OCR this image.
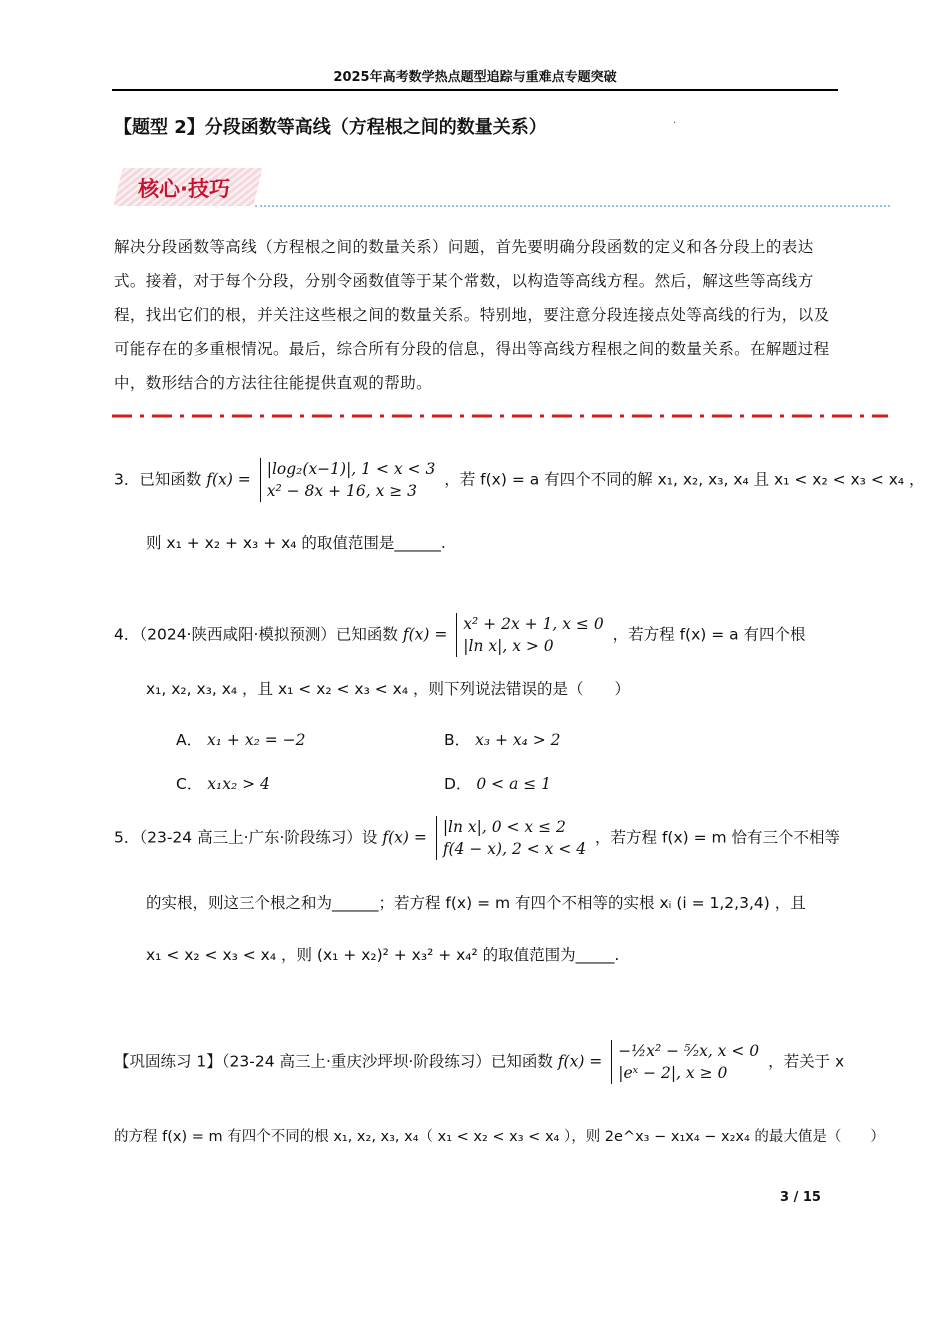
2025年高考数学热点题型追踪与重难点专题突破
【题型 2】分段函数等高线（方程根之间的数量关系）	·
核心·技巧
解决分段函数等高线（方程根之间的数量关系）问题，首先要明确分段函数的定义和各分段上的表达式。接着，对于每个分段，分别令函数值等于某个常数，以构造等高线方程。然后，解这些等高线方程，找出它们的根，并关注这些根之间的数量关系。特别地，要注意分段连接点处等高线的行为，以及可能存在的多重根情况。最后，综合所有分段的信息，得出等高线方程根之间的数量关系。在解题过程中，数形结合的方法往往能提供直观的帮助。
3．已知函数 f(x) = |log₂(x−1)|, 1 < x < 3
x² − 8x + 16, x ≥ 3 ，若 f(x) = a 有四个不同的解 x₁, x₂, x₃, x₄ 且 x₁ < x₂ < x₃ < x₄ ，
则 x₁ + x₂ + x₃ + x₄ 的取值范围是______.
4．（2024·陕西咸阳·模拟预测）已知函数 f(x) = x² + 2x + 1, x ≤ 0
|ln x|, x > 0 ，若方程 f(x) = a 有四个根
x₁, x₂, x₃, x₄ ，且 x₁ < x₂ < x₃ < x₄ ，则下列说法错误的是（　　）
A． x₁ + x₂ = −2	B． x₃ + x₄ > 2
C． x₁x₂ > 4	D． 0 < a ≤ 1
5．（23-24 高三上·广东·阶段练习）设 f(x) = |ln x|, 0 < x ≤ 2
f(4 − x), 2 < x < 4 ，若方程 f(x) = m 恰有三个不相等
的实根，则这三个根之和为______；若方程 f(x) = m 有四个不相等的实根 xᵢ (i = 1,2,3,4) ，且
x₁ < x₂ < x₃ < x₄ ，则 (x₁ + x₂)² + x₃² + x₄² 的取值范围为_____.
【巩固练习 1】（23-24 高三上·重庆沙坪坝·阶段练习）已知函数 f(x) = −½x² − ⁵⁄₂x, x < 0
|eˣ − 2|, x ≥ 0 ，若关于 x
的方程 f(x) = m 有四个不同的根 x₁, x₂, x₃, x₄（ x₁ < x₂ < x₃ < x₄ ），则 2e^x₃ − x₁x₄ − x₂x₄ 的最大值是（　　）
3 / 15
